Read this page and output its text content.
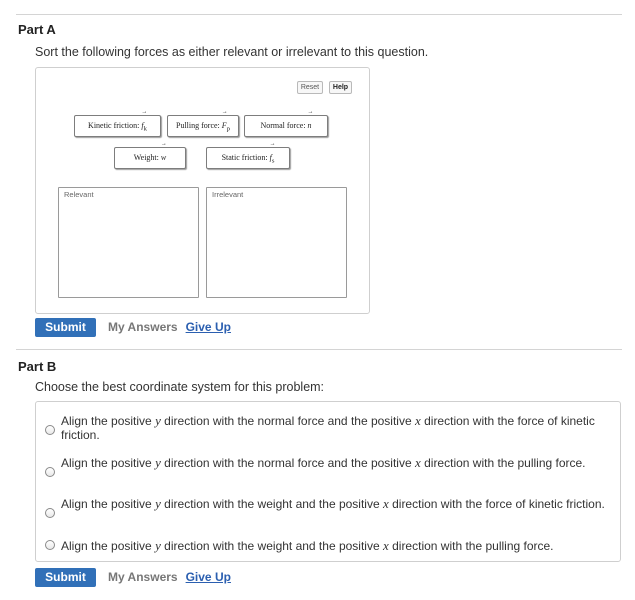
Part A
Sort the following forces as either relevant or irrelevant to this question.
Reset	Help
Kinetic friction: f
→
$_k$	Pulling force: F
→
$_p$	Normal force: n
→
Weight: w
→
Static friction: f
→
$_s$
Relevant	Irrelevant
Submit	My Answers Give Up
Part B
Choose the best coordinate system for this problem:
Align the positive y direction with the normal force and the positive x direction with the force of kinetic friction.
Align the positive y direction with the normal force and the positive x direction with the pulling force.
Align the positive y direction with the weight and the positive x direction with the force of kinetic friction.
Align the positive y direction with the weight and the positive x direction with the pulling force.
Submit	My Answers Give Up
